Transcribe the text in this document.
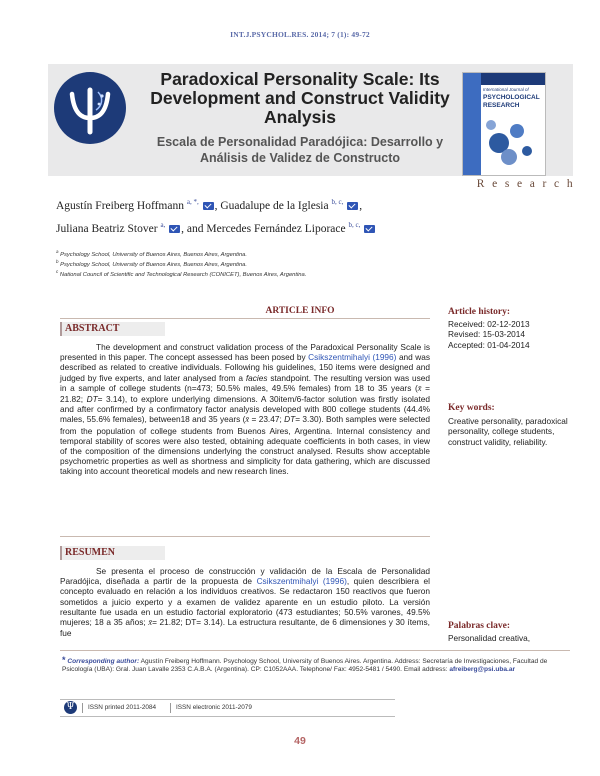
INT.J.PSYCHOL.RES. 2014; 7 (1): 49-72
Paradoxical Personality Scale: Its Development and Construct Validity Analysis
Escala de Personalidad Paradójica: Desarrollo y Análisis de Validez de Constructo
International Journal of
PSYCHOLOGICAL
RESEARCH
R e s e a r c h
Agustín Freiberg Hoffmann $^{a, *,}$ , Guadalupe de la Iglesia $^{b, c,}$ ,
Juliana Beatriz Stover $^{a,}$ , and Mercedes Fernández Liporace $^{b, c,}$
$^a$ Psychology School, University of Buenos Aires, Buenos Aires, Argentina.
$^b$ Psychology School, University of Buenos Aires, Buenos Aires, Argentina.
$^c$ National Council of Scientific and Technological Research (CONICET), Buenos Aires, Argentina.
ARTICLE INFO
ABSTRACT
The development and construct validation process of the Paradoxical Personality Scale is presented in this paper. The concept assessed has been posed by Csikszentmihalyi (1996) and was described as related to creative individuals. Following his guidelines, 150 items were designed and judged by five experts, and later analysed from a facies standpoint. The resulting version was used in a sample of college students (n=473; 50.5% males, 49.5% females) from 18 to 35 years (x̄ = 21.82; DT= 3.14), to explore underlying dimensions. A 30item/6-factor solution was firstly isolated and after confirmed by a confirmatory factor analysis developed with 800 college students (44.4% males, 55.6% females), between18 and 35 years (x̄ = 23.47; DT= 3.30). Both samples were selected from the population of college students from Buenos Aires, Argentina. Internal consistency and temporal stability of scores were also tested, obtaining adequate coefficients in both cases, in view of the composition of the dimensions underlying the construct analysed. Results show acceptable psychometric properties as well as shortness and simplicity for data gathering, which are discussed taking into account theoretical models and new research lines.
Article history:
Received: 02-12-2013
Revised: 15-03-2014
Accepted: 01-04-2014
Key words:
Creative personality, paradoxical personality, college students, construct validity, reliability.
RESUMEN
Se presenta el proceso de construcción y validación de la Escala de Personalidad Paradójica, diseñada a partir de la propuesta de Csikszentmihalyi (1996), quien describiera el concepto evaluado en relación a los individuos creativos. Se redactaron 150 reactivos que fueron sometidos a juicio experto y a examen de validez aparente en un estudio piloto. La versión resultante fue usada en un estudio factorial exploratorio (473 estudiantes; 50.5% varones, 49.5% mujeres; 18 a 35 años; x̄= 21.82; DT= 3.14). La estructura resultante, de 6 dimensiones y 30 ítems, fue
Palabras clave:
Personalidad creativa,
* Corresponding author: Agustín Freiberg Hoffmann. Psychology School, University of Buenos Aires. Argentina. Address: Secretaría de Investigaciones, Facultad de Psicología (UBA): Gral. Juan Lavalle 2353 C.A.B.A. (Argentina). CP: C1052AAA. Telephone/ Fax: 4952-5481 / 5490. Email address: afreiberg@psi.uba.ar
Ψ	ISSN printed 2011-2084	ISSN electronic 2011-2079
49
